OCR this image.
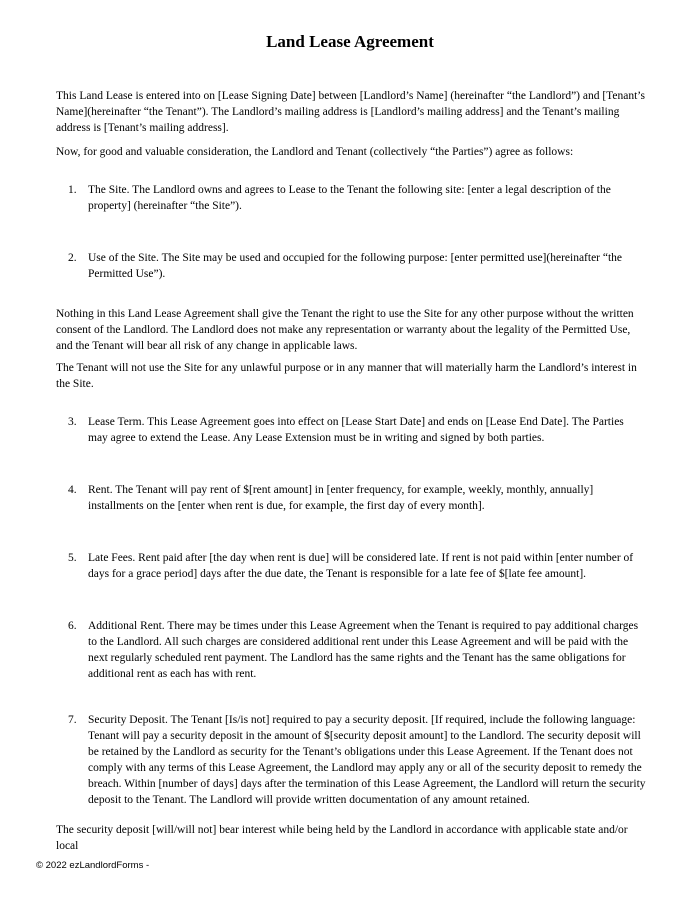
Land Lease Agreement

This Land Lease is entered into on [Lease Signing Date] between [Landlord’s Name] (hereinafter “the Landlord”) and [Tenant’s Name](hereinafter “the Tenant”). The Landlord’s mailing address is [Landlord’s mailing address] and the Tenant’s mailing address is [Tenant’s mailing address].

Now, for good and valuable consideration, the Landlord and Tenant (collectively “the Parties”) agree as follows:

1. The Site. The Landlord owns and agrees to Lease to the Tenant the following site: [enter a legal description of the property] (hereinafter “the Site”).
2. Use of the Site. The Site may be used and occupied for the following purpose: [enter permitted use](hereinafter “the Permitted Use”).

Nothing in this Land Lease Agreement shall give the Tenant the right to use the Site for any other purpose without the written consent of the Landlord. The Landlord does not make any representation or warranty about the legality of the Permitted Use, and the Tenant will bear all risk of any change in applicable laws.

The Tenant will not use the Site for any unlawful purpose or in any manner that will materially harm the Landlord’s interest in the Site.

3. Lease Term. This Lease Agreement goes into effect on [Lease Start Date] and ends on [Lease End Date]. The Parties may agree to extend the Lease. Any Lease Extension must be in writing and signed by both parties.
4. Rent. The Tenant will pay rent of $[rent amount] in [enter frequency, for example, weekly, monthly, annually] installments on the [enter when rent is due, for example, the first day of every month].
5. Late Fees. Rent paid after [the day when rent is due] will be considered late. If rent is not paid within [enter number of days for a grace period] days after the due date, the Tenant is responsible for a late fee of $[late fee amount].
6. Additional Rent. There may be times under this Lease Agreement when the Tenant is required to pay additional charges to the Landlord. All such charges are considered additional rent under this Lease Agreement and will be paid with the next regularly scheduled rent payment. The Landlord has the same rights and the Tenant has the same obligations for additional rent as each has with rent.
7. Security Deposit. The Tenant [Is/is not] required to pay a security deposit. [If required, include the following language: Tenant will pay a security deposit in the amount of $[security deposit amount] to the Landlord. The security deposit will be retained by the Landlord as security for the Tenant’s obligations under this Lease Agreement. If the Tenant does not comply with any terms of this Lease Agreement, the Landlord may apply any or all of the security deposit to remedy the breach. Within [number of days] days after the termination of this Lease Agreement, the Landlord will return the security deposit to the Tenant. The Landlord will provide written documentation of any amount retained.

The security deposit [will/will not] bear interest while being held by the Landlord in accordance with applicable state and/or local

© 2022 ezLandlordForms -
